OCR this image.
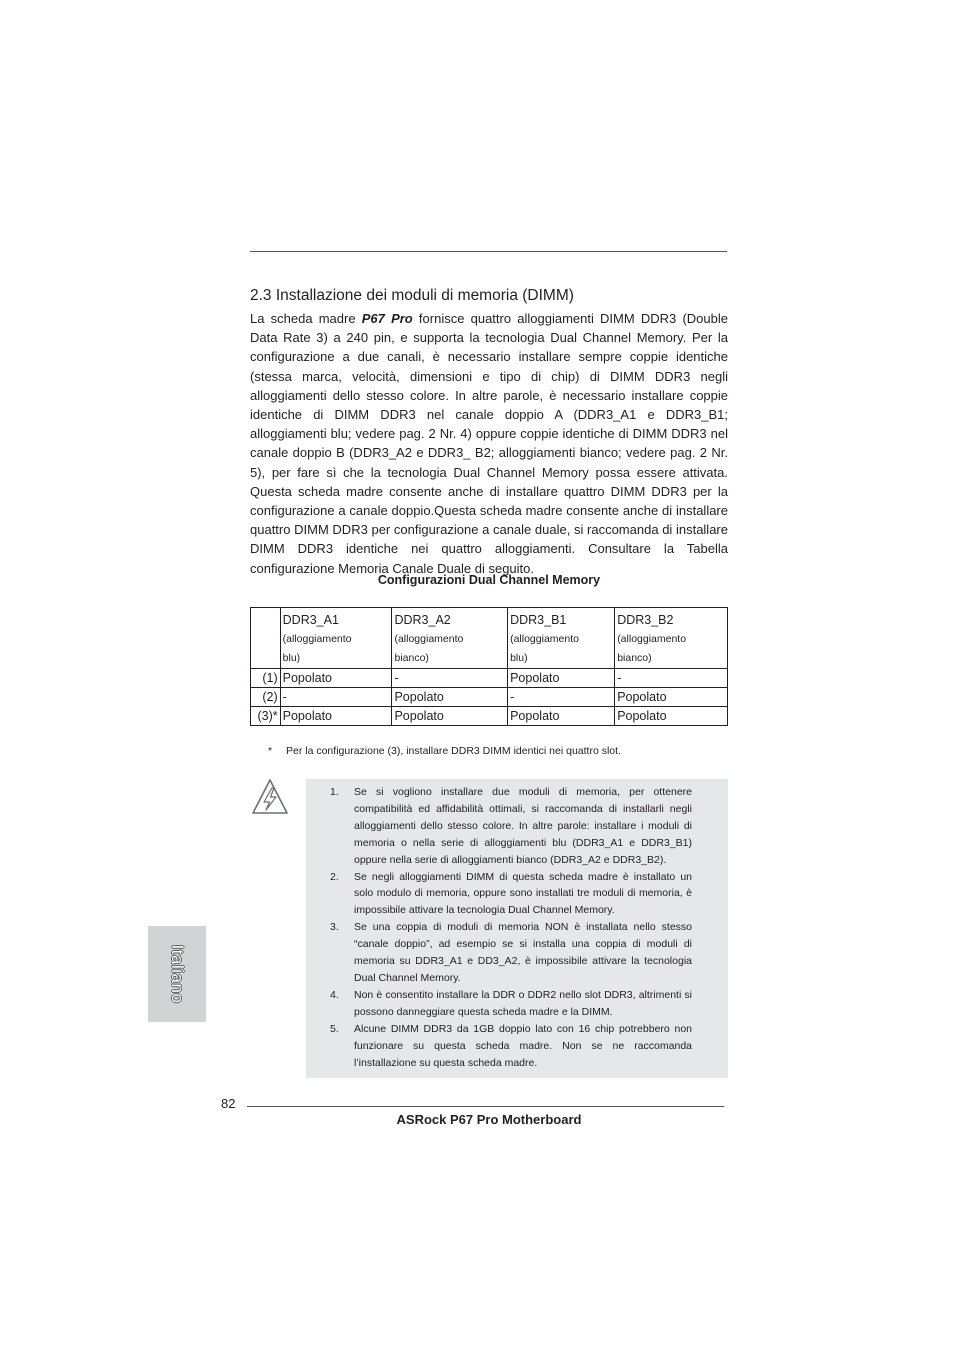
2.3 Installazione dei moduli di memoria (DIMM)

La scheda madre P67 Pro fornisce quattro alloggiamenti DIMM DDR3 (Double Data Rate 3) a 240 pin, e supporta la tecnologia Dual Channel Memory. Per la configurazione a due canali, è necessario installare sempre coppie identiche (stessa marca, velocità, dimensioni e tipo di chip) di DIMM DDR3 negli alloggiamenti dello stesso colore. In altre parole, è necessario installare coppie identiche di DIMM DDR3 nel canale doppio A (DDR3_A1 e DDR3_B1; alloggiamenti blu; vedere pag. 2 Nr. 4) oppure coppie identiche di DIMM DDR3 nel canale doppio B (DDR3_A2 e DDR3_ B2; alloggiamenti bianco; vedere pag. 2 Nr. 5), per fare sì che la tecnologia Dual Channel Memory possa essere attivata. Questa scheda madre consente anche di installare quattro DIMM DDR3 per la configurazione a canale doppio.Questa scheda madre consente anche di installare quattro DIMM DDR3 per configurazione a canale duale, si raccomanda di installare DIMM DDR3 identiche nei quattro alloggiamenti. Consultare la Tabella configurazione Memoria Canale Duale di seguito.

Configurazioni Dual Channel Memory

	DDR3_A1
(alloggiamento
blu)	DDR3_A2
(alloggiamento
bianco)	DDR3_B1
(alloggiamento
blu)	DDR3_B2
(alloggiamento
bianco)

(1)	Popolato	-	Popolato	-
(2)	-	Popolato	-	Popolato
(3)*	Popolato	Popolato	Popolato	Popolato
* Per la configurazione (3), installare DDR3 DIMM identici nei quattro slot.
1. Se si vogliono installare due moduli di memoria, per ottenere compatibilità ed affidabilità ottimali, si raccomanda di installarli negli alloggiamenti dello stesso colore. In altre parole: installare i moduli di memoria o nella serie di alloggiamenti blu (DDR3_A1 e DDR3_B1) oppure nella serie di alloggiamenti bianco (DDR3_A2 e DDR3_B2).
2. Se negli alloggiamenti DIMM di questa scheda madre è installato un solo modulo di memoria, oppure sono installati tre moduli di memoria, è impossibile attivare la tecnologia Dual Channel Memory.
3. Se una coppia di moduli di memoria NON è installata nello stesso “canale doppio”, ad esempio se si installa una coppia di moduli di memoria su DDR3_A1 e DD3_A2, è impossibile attivare la tecnologia Dual Channel Memory.
4. Non è consentito installare la DDR o DDR2 nello slot DDR3, altrimenti si possono danneggiare questa scheda madre e la DIMM.
5. Alcune DIMM DDR3 da 1GB doppio lato con 16 chip potrebbero non funzionare su questa scheda madre. Non se ne raccomanda l’installazione su questa scheda madre.
Italiano
82
ASRock P67 Pro Motherboard
